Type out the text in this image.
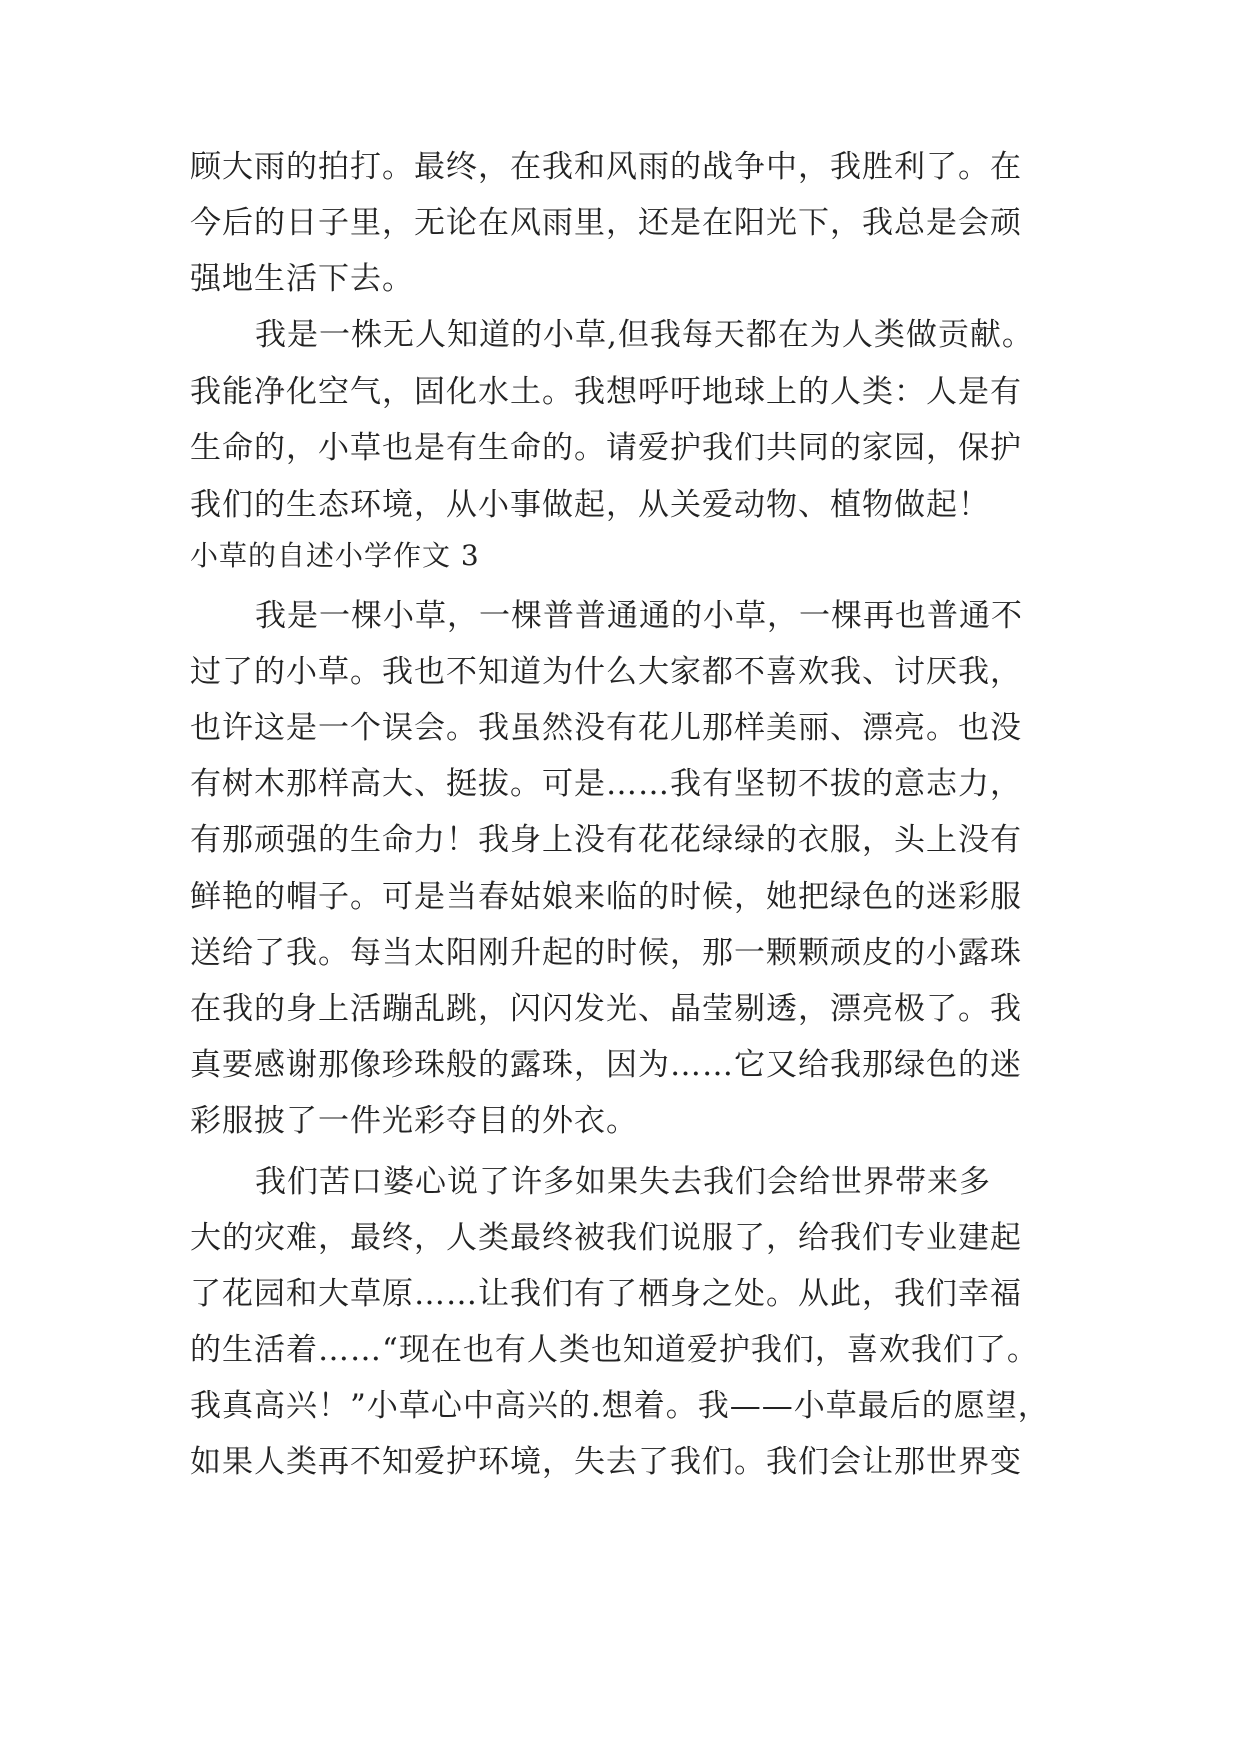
顾大雨的拍打。最终，在我和风雨的战争中，我胜利了。在
今后的日子里，无论在风雨里，还是在阳光下，我总是会顽
强地生活下去。
我是一株无人知道的小草,但我每天都在为人类做贡献。
我能净化空气，固化水土。我想呼吁地球上的人类：人是有
生命的，小草也是有生命的。请爱护我们共同的家园，保护
我们的生态环境，从小事做起，从关爱动物、植物做起！
小草的自述小学作文 3
我是一棵小草，一棵普普通通的小草，一棵再也普通不
过了的小草。我也不知道为什么大家都不喜欢我、讨厌我，
也许这是一个误会。我虽然没有花儿那样美丽、漂亮。也没
有树木那样高大、挺拔。可是……我有坚韧不拔的意志力，
有那顽强的生命力！我身上没有花花绿绿的衣服，头上没有
鲜艳的帽子。可是当春姑娘来临的时候，她把绿色的迷彩服
送给了我。每当太阳刚升起的时候，那一颗颗顽皮的小露珠
在我的身上活蹦乱跳，闪闪发光、晶莹剔透，漂亮极了。我
真要感谢那像珍珠般的露珠，因为……它又给我那绿色的迷
彩服披了一件光彩夺目的外衣。
我们苦口婆心说了许多如果失去我们会给世界带来多
大的灾难，最终，人类最终被我们说服了，给我们专业建起
了花园和大草原……让我们有了栖身之处。从此，我们幸福
的生活着……“现在也有人类也知道爱护我们，喜欢我们了。
我真高兴！”小草心中高兴的.想着。我——小草最后的愿望，
如果人类再不知爱护环境，失去了我们。我们会让那世界变
